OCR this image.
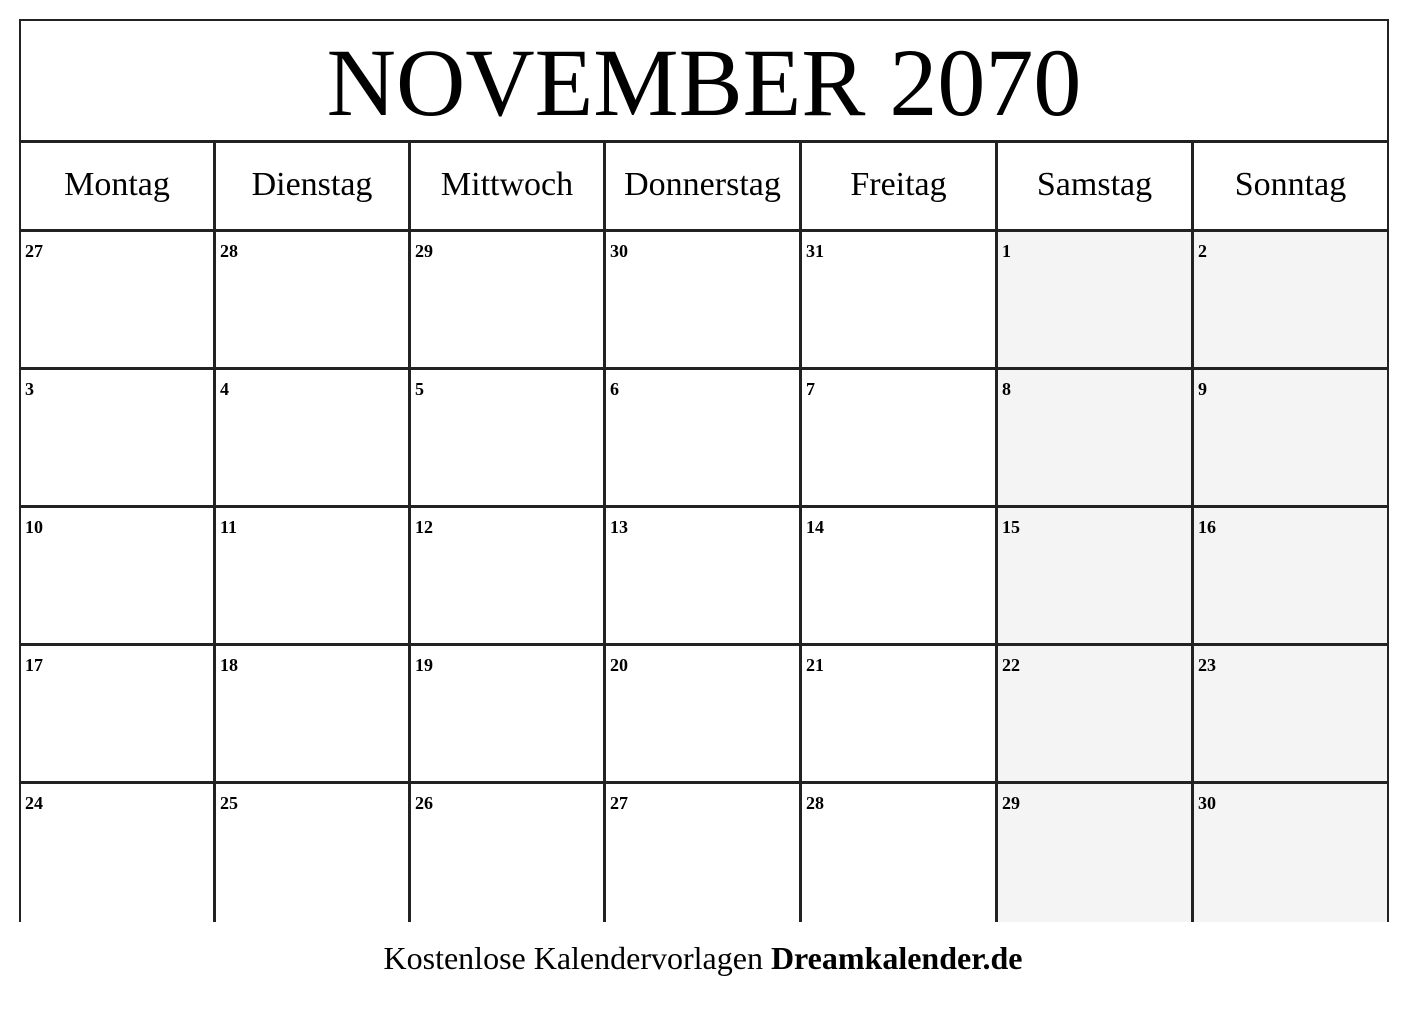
NOVEMBER 2070
Montag	Dienstag	Mittwoch	Donnerstag	Freitag	Samstag	Sonntag
27	28	29	30	31	1	2
3	4	5	6	7	8	9
10	11	12	13	14	15	16
17	18	19	20	21	22	23
24	25	26	27	28	29	30
Kostenlose Kalendervorlagen Dreamkalender.de
